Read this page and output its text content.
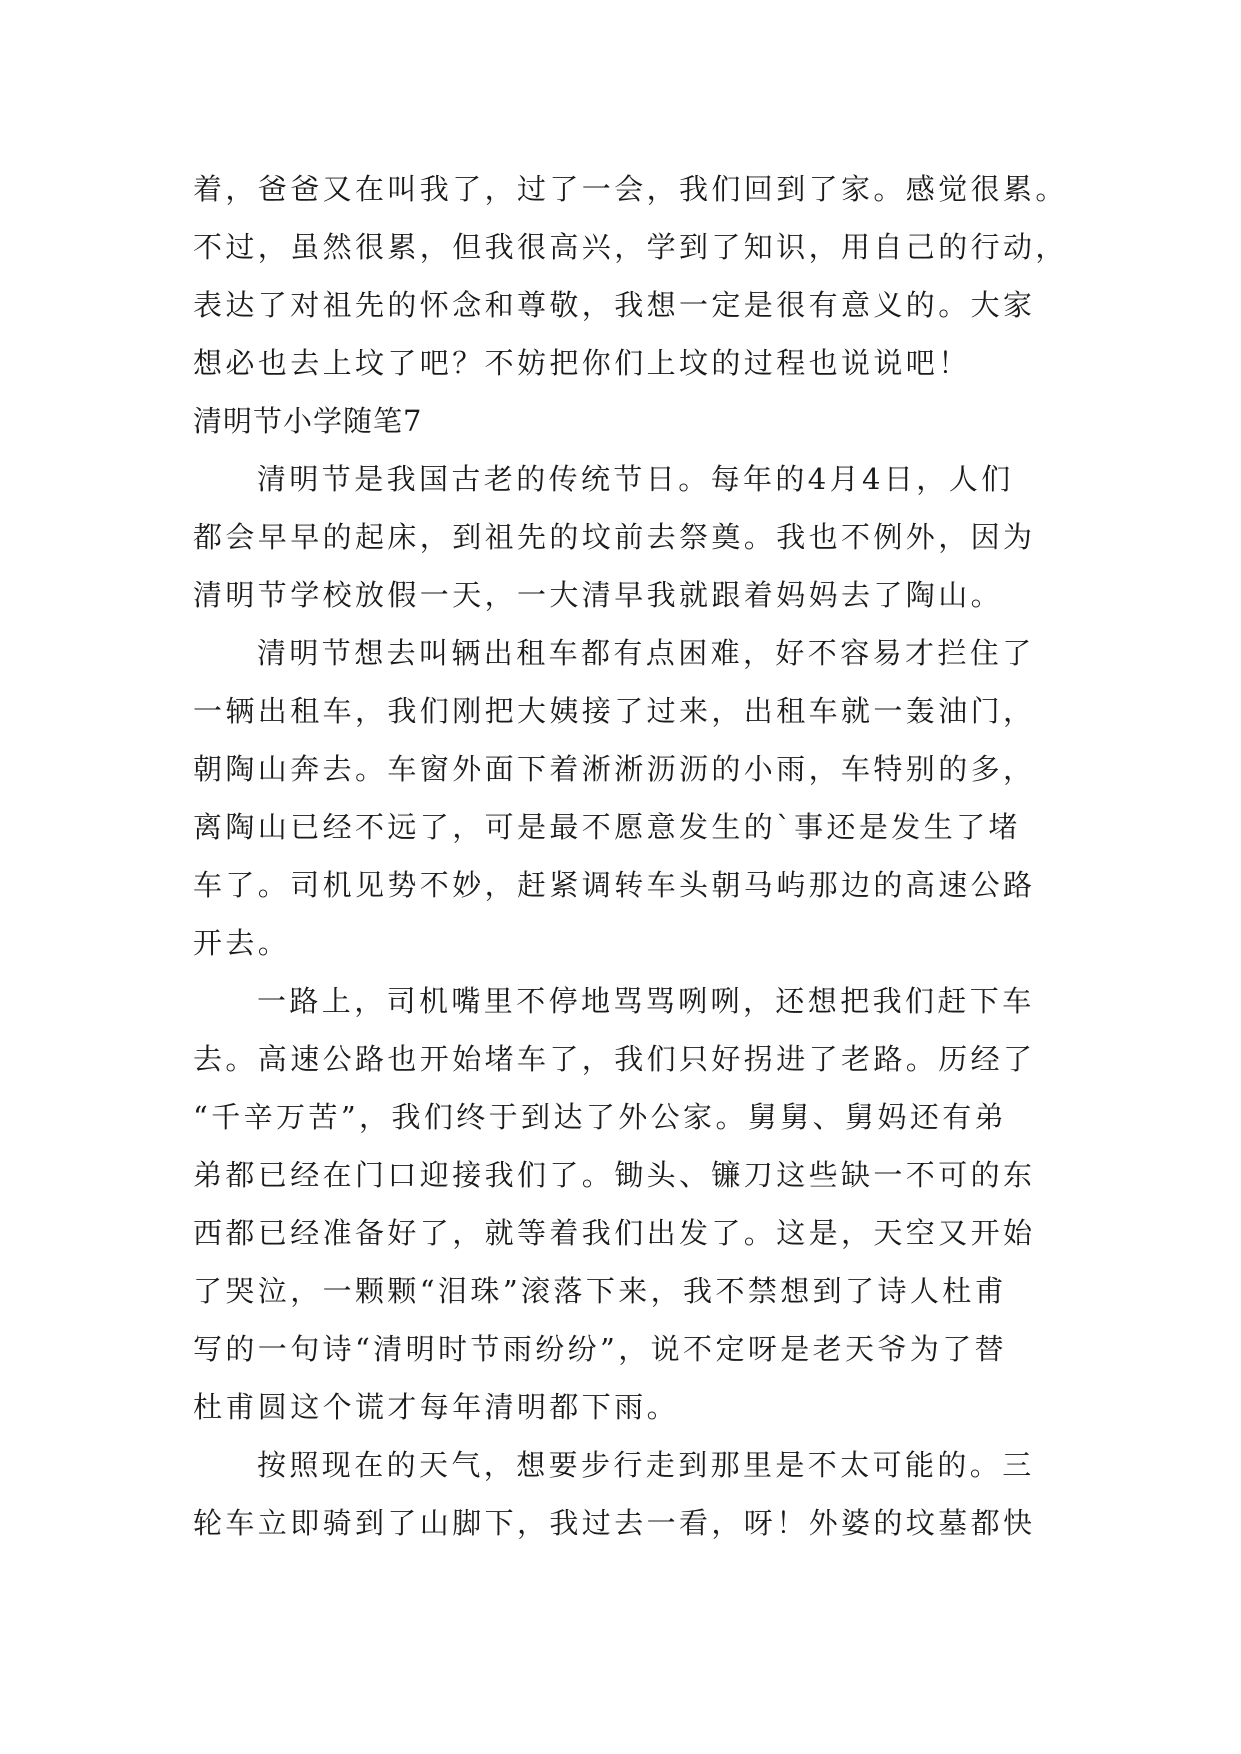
着，爸爸又在叫我了，过了一会，我们回到了家。感觉很累。
不过，虽然很累，但我很高兴，学到了知识，用自己的行动，
表达了对祖先的怀念和尊敬，我想一定是很有意义的。大家
想必也去上坟了吧？不妨把你们上坟的过程也说说吧！
清明节小学随笔7
清明节是我国古老的传统节日。每年的4月4日，人们
都会早早的起床，到祖先的坟前去祭奠。我也不例外，因为
清明节学校放假一天，一大清早我就跟着妈妈去了陶山。
清明节想去叫辆出租车都有点困难，好不容易才拦住了
一辆出租车，我们刚把大姨接了过来，出租车就一轰油门，
朝陶山奔去。车窗外面下着淅淅沥沥的小雨，车特别的多，
离陶山已经不远了，可是最不愿意发生的`事还是发生了堵
车了。司机见势不妙，赶紧调转车头朝马屿那边的高速公路
开去。
一路上，司机嘴里不停地骂骂咧咧，还想把我们赶下车
去。高速公路也开始堵车了，我们只好拐进了老路。历经了
“千辛万苦”，我们终于到达了外公家。舅舅、舅妈还有弟
弟都已经在门口迎接我们了。锄头、镰刀这些缺一不可的东
西都已经准备好了，就等着我们出发了。这是，天空又开始
了哭泣，一颗颗“泪珠”滚落下来，我不禁想到了诗人杜甫
写的一句诗“清明时节雨纷纷”，说不定呀是老天爷为了替
杜甫圆这个谎才每年清明都下雨。
按照现在的天气，想要步行走到那里是不太可能的。三
轮车立即骑到了山脚下，我过去一看，呀！外婆的坟墓都快
